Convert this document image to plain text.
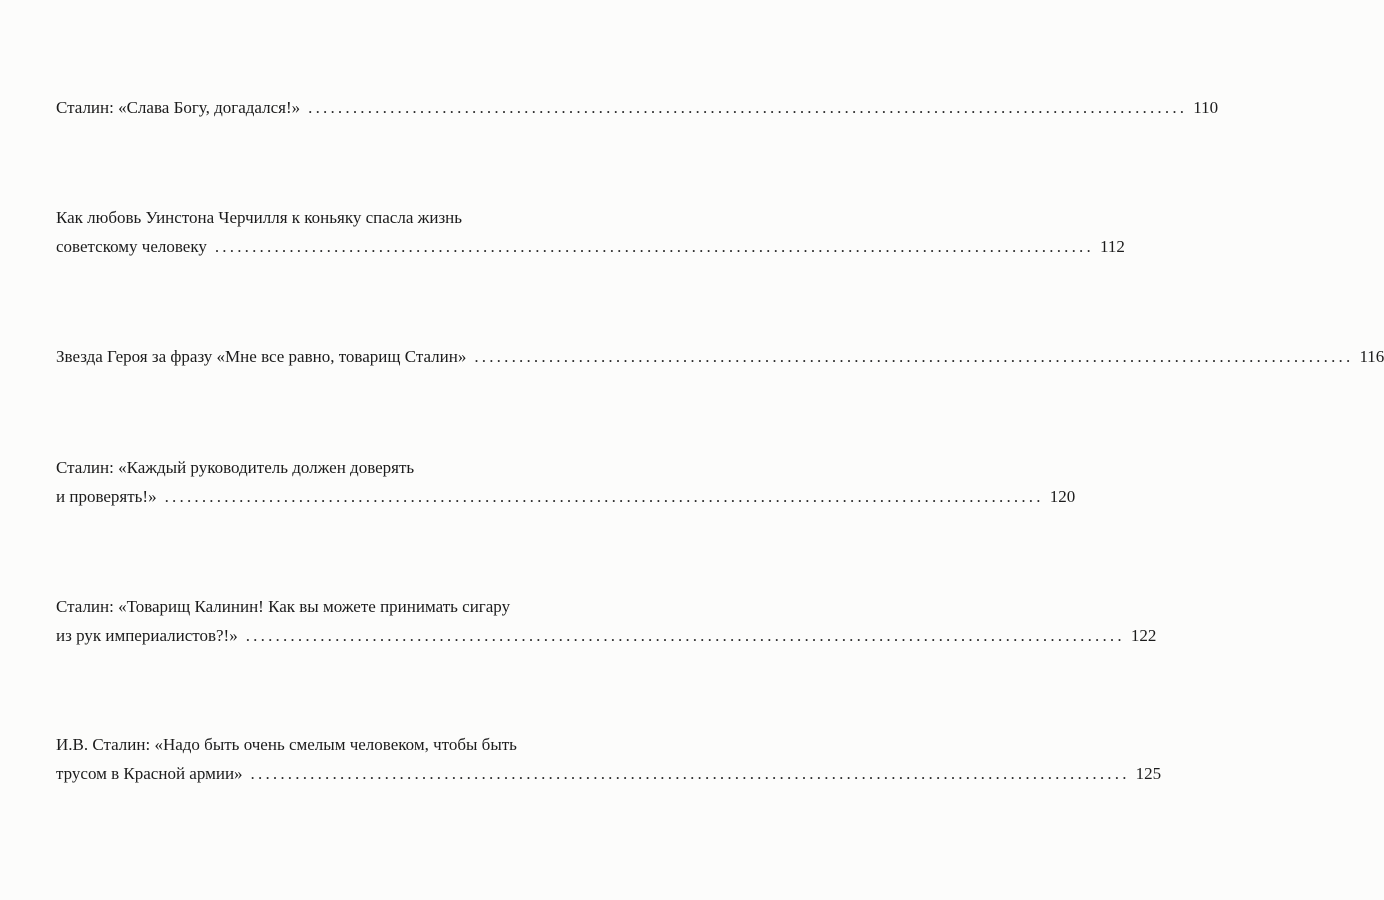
Сталин: «Слава Богу, догадался!» ...................................................................................................................... 110
Как любовь Уинстона Черчилля к коньяку спасла жизнь
советскому человеку ...................................................................................................................... 112
Звезда Героя за фразу «Мне все равно, товарищ Сталин» ...................................................................................................................... 116
Сталин: «Каждый руководитель должен доверять
и проверять!» ...................................................................................................................... 120
Сталин: «Товарищ Калинин! Как вы можете принимать сигару
из рук империалистов?!» ...................................................................................................................... 122
И.В. Сталин: «Надо быть очень смелым человеком, чтобы быть
трусом в Красной армии» ...................................................................................................................... 125
